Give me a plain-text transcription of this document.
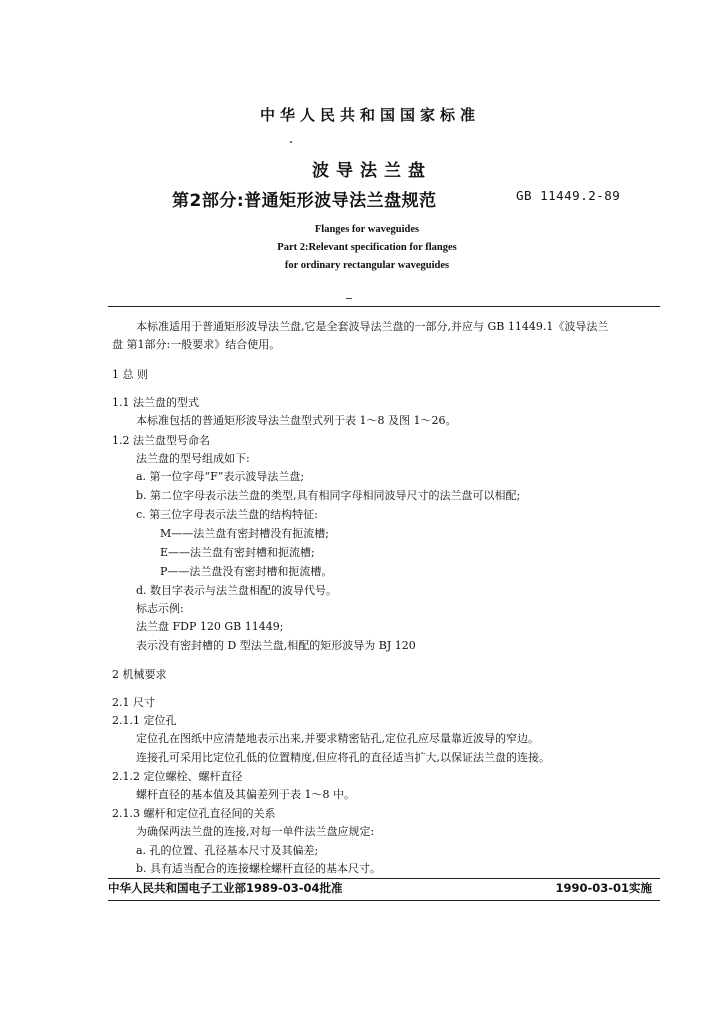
中华人民共和国国家标准
波导法兰盘
第2部分:普通矩形波导法兰盘规范	GB 11449.2-89
Flanges for waveguides
Part 2:Relevant specification for flanges
for ordinary rectangular waveguides
本标准适用于普通矩形波导法兰盘,它是全套波导法兰盘的一部分,并应与 GB 11449.1《波导法兰
盘 第1部分:一般要求》结合使用。
1 总 则
1.1 法兰盘的型式
本标准包括的普通矩形波导法兰盘型式列于表 1～8 及图 1～26。
1.2 法兰盘型号命名
法兰盘的型号组成如下:
a. 第一位字母“F”表示波导法兰盘;
b. 第二位字母表示法兰盘的类型,具有相同字母相同波导尺寸的法兰盘可以相配;
c. 第三位字母表示法兰盘的结构特征:
M——法兰盘有密封槽没有扼流槽;
E——法兰盘有密封槽和扼流槽;
P——法兰盘没有密封槽和扼流槽。
d. 数目字表示与法兰盘相配的波导代号。
标志示例:
法兰盘 FDP 120 GB 11449;
表示没有密封槽的 D 型法兰盘,相配的矩形波导为 BJ 120
2 机械要求
2.1 尺寸
2.1.1 定位孔
定位孔在图纸中应清楚地表示出来,并要求精密钻孔,定位孔应尽量靠近波导的窄边。
连接孔可采用比定位孔低的位置精度,但应将孔的直径适当扩大,以保证法兰盘的连接。
2.1.2 定位螺栓、螺杆直径
螺杆直径的基本值及其偏差列于表 1～8 中。
2.1.3 螺杆和定位孔直径间的关系
为确保两法兰盘的连接,对每一单件法兰盘应规定:
a. 孔的位置、孔径基本尺寸及其偏差;
b. 具有适当配合的连接螺栓螺杆直径的基本尺寸。
中华人民共和国电子工业部1989-03-04批准	1990-03-01实施
